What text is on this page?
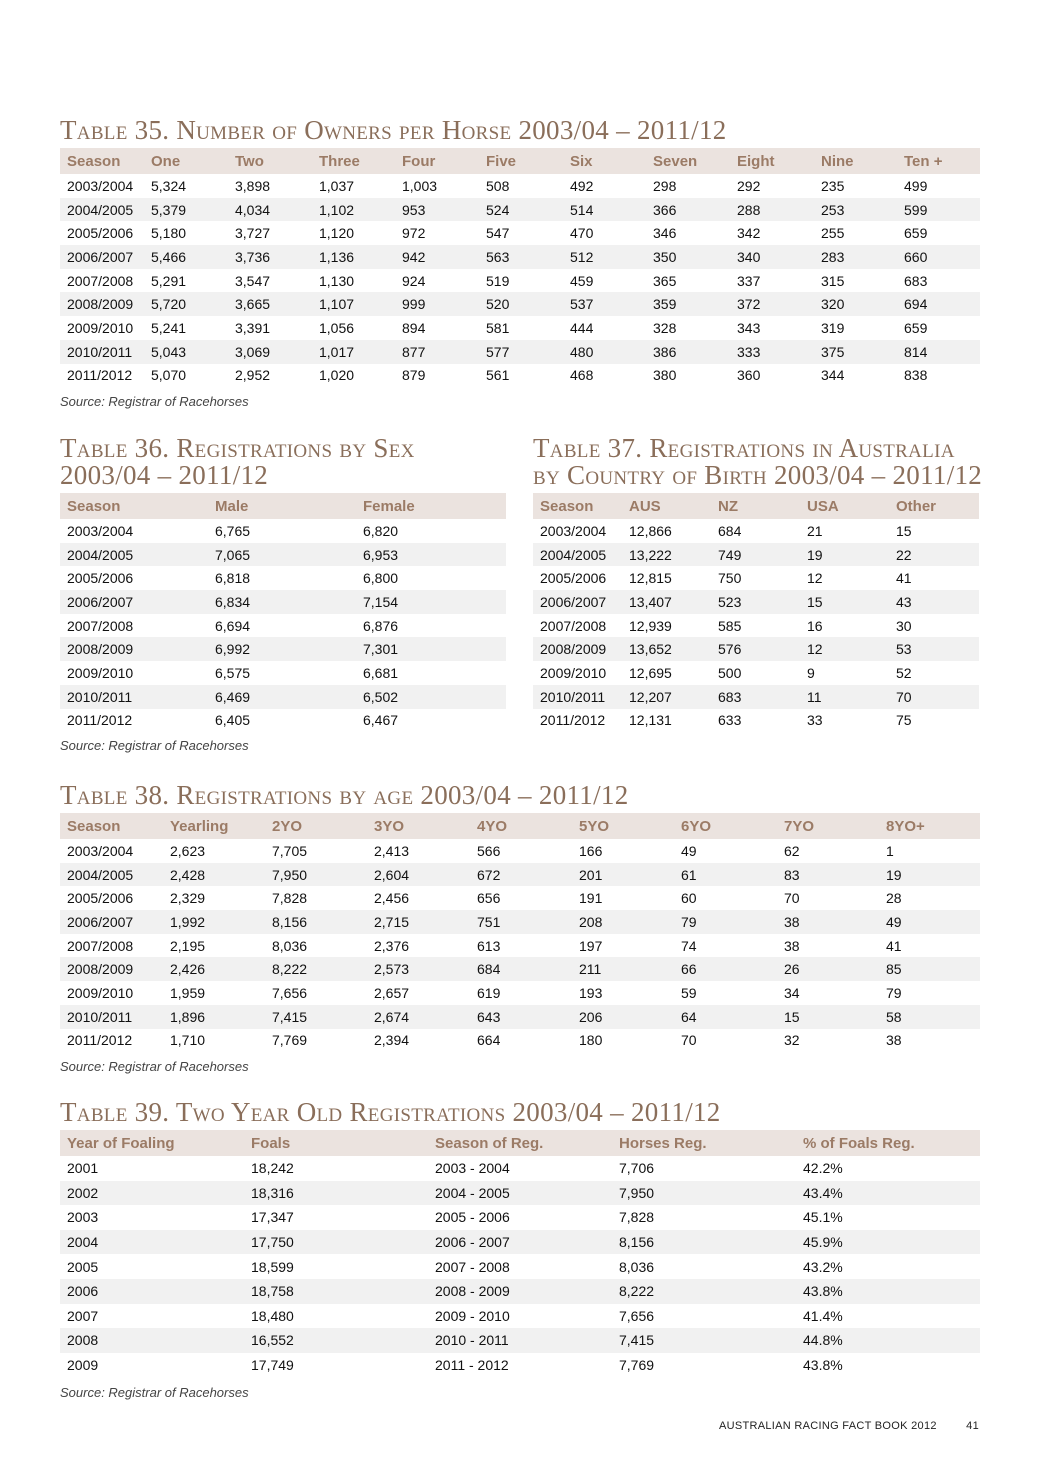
Table 35. Number of Owners per Horse 2003/04 – 2011/12
Season	One	Two	Three	Four	Five	Six	Seven	Eight	Nine	Ten +
2003/2004	5,324	3,898	1,037	1,003	508	492	298	292	235	499
2004/2005	5,379	4,034	1,102	953	524	514	366	288	253	599
2005/2006	5,180	3,727	1,120	972	547	470	346	342	255	659
2006/2007	5,466	3,736	1,136	942	563	512	350	340	283	660
2007/2008	5,291	3,547	1,130	924	519	459	365	337	315	683
2008/2009	5,720	3,665	1,107	999	520	537	359	372	320	694
2009/2010	5,241	3,391	1,056	894	581	444	328	343	319	659
2010/2011	5,043	3,069	1,017	877	577	480	386	333	375	814
2011/2012	5,070	2,952	1,020	879	561	468	380	360	344	838
Source: Registrar of Racehorses
Table 36. Registrations by Sex
2003/04 – 2011/12
Season	Male	Female
2003/2004	6,765	6,820
2004/2005	7,065	6,953
2005/2006	6,818	6,800
2006/2007	6,834	7,154
2007/2008	6,694	6,876
2008/2009	6,992	7,301
2009/2010	6,575	6,681
2010/2011	6,469	6,502
2011/2012	6,405	6,467
Source: Registrar of Racehorses
Table 37. Registrations in Australia
by Country of Birth 2003/04 – 2011/12
Season	AUS	NZ	USA	Other
2003/2004	12,866	684	21	15
2004/2005	13,222	749	19	22
2005/2006	12,815	750	12	41
2006/2007	13,407	523	15	43
2007/2008	12,939	585	16	30
2008/2009	13,652	576	12	53
2009/2010	12,695	500	9	52
2010/2011	12,207	683	11	70
2011/2012	12,131	633	33	75
Table 38. Registrations by age 2003/04 – 2011/12
Season	Yearling	2YO	3YO	4YO	5YO	6YO	7YO	8YO+
2003/2004	2,623	7,705	2,413	566	166	49	62	1
2004/2005	2,428	7,950	2,604	672	201	61	83	19
2005/2006	2,329	7,828	2,456	656	191	60	70	28
2006/2007	1,992	8,156	2,715	751	208	79	38	49
2007/2008	2,195	8,036	2,376	613	197	74	38	41
2008/2009	2,426	8,222	2,573	684	211	66	26	85
2009/2010	1,959	7,656	2,657	619	193	59	34	79
2010/2011	1,896	7,415	2,674	643	206	64	15	58
2011/2012	1,710	7,769	2,394	664	180	70	32	38
Source: Registrar of Racehorses
Table 39. Two Year Old Registrations 2003/04 – 2011/12
Year of Foaling	Foals	Season of Reg.	Horses Reg.	% of Foals Reg.
2001	18,242	2003 - 2004	7,706	42.2%
2002	18,316	2004 - 2005	7,950	43.4%
2003	17,347	2005 - 2006	7,828	45.1%
2004	17,750	2006 - 2007	8,156	45.9%
2005	18,599	2007 - 2008	8,036	43.2%
2006	18,758	2008 - 2009	8,222	43.8%
2007	18,480	2009 - 2010	7,656	41.4%
2008	16,552	2010 - 2011	7,415	44.8%
2009	17,749	2011 - 2012	7,769	43.8%
Source: Registrar of Racehorses
AUSTRALIAN RACING FACT BOOK 2012	41
